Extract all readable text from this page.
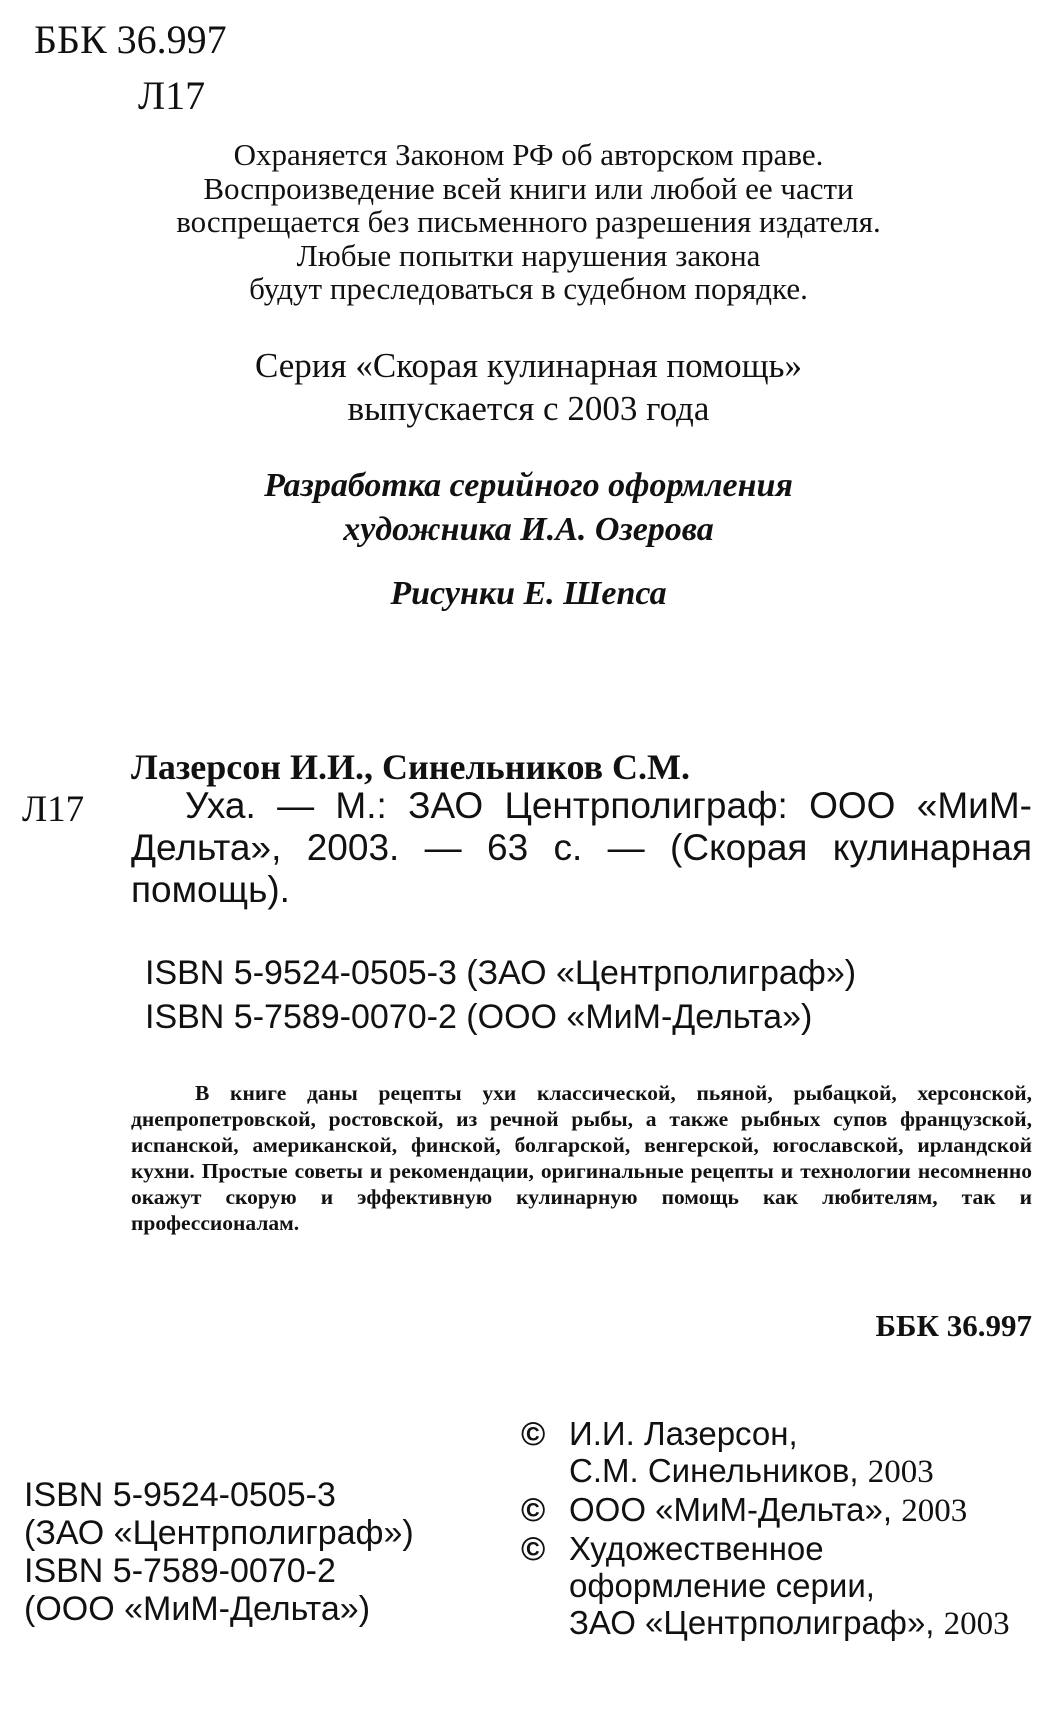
ББК 36.997
Л17
Охраняется Законом РФ об авторском праве.
Воспроизведение всей книги или любой ее части
воспрещается без письменного разрешения издателя.
Любые попытки нарушения закона
будут преследоваться в судебном порядке.
Серия «Скорая кулинарная помощь»
выпускается с 2003 года
Разработка серийного оформления
художника И.А. Озерова
Рисунки Е. Шепса
Лазерсон И.И., Синельников С.М.
Л17	Уха. — М.: ЗАО Центрполиграф: ООО «МиМ-Дельта», 2003. — 63 с. — (Скорая кулинарная помощь).
ISBN 5-9524-0505-3 (ЗАО «Центрполиграф»)
ISBN 5-7589-0070-2 (ООО «МиМ-Дельта»)
В книге даны рецепты ухи классической, пьяной, рыбацкой, херсонской, днепропетровской, ростовской, из речной рыбы, а также рыбных супов французской, испанской, американской, финской, болгарской, венгерской, югославской, ирландской кухни. Простые советы и рекомендации, оригинальные рецепты и технологии несомненно окажут скорую и эффективную кулинарную помощь как любителям, так и профессионалам.
ББК 36.997
ISBN 5-9524-0505-3
(ЗАО «Центрполиграф»)
ISBN 5-7589-0070-2
(ООО «МиМ-Дельта»)
© И.И. Лазерсон,
С.М. Синельников, 2003
© ООО «МиМ-Дельта», 2003
© Художественное
оформление серии,
ЗАО «Центрполиграф», 2003
